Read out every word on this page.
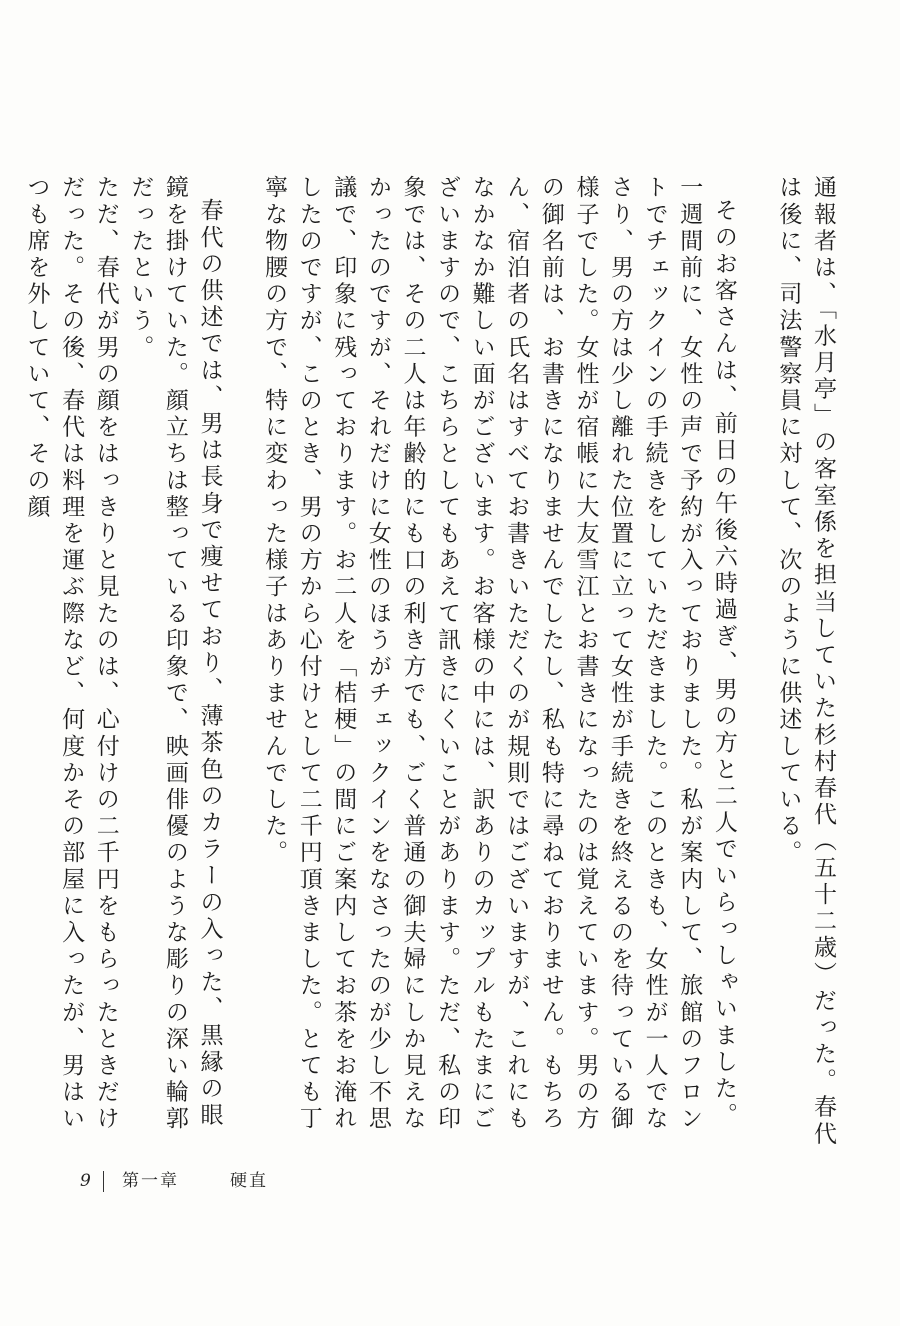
通報者は、「水月亭」の客室係を担当していた杉村春代（五十二歳）だった。春代は後に、司法警察員に対して、次のように供述している。

そのお客さんは、前日の午後六時過ぎ、男の方と二人でいらっしゃいました。一週間前に、女性の声で予約が入っておりました。私が案内して、旅館のフロントでチェックインの手続きをしていただきました。このときも、女性が一人でなさり、男の方は少し離れた位置に立って女性が手続きを終えるのを待っている御様子でした。女性が宿帳に大友雪江とお書きになったのは覚えています。男の方の御名前は、お書きになりませんでしたし、私も特に尋ねておりません。もちろん、宿泊者の氏名はすべてお書きいただくのが規則ではございますが、これにもなかなか難しい面がございます。お客様の中には、訳ありのカップルもたまにございますので、こちらとしてもあえて訊きにくいことがあります。ただ、私の印象では、その二人は年齢的にも口の利き方でも、ごく普通の御夫婦にしか見えなかったのですが、それだけに女性のほうがチェックインをなさったのが少し不思議で、印象に残っております。お二人を「桔梗」の間にご案内してお茶をお淹れしたのですが、このとき、男の方から心付けとして二千円頂きました。とても丁寧な物腰の方で、特に変わった様子はありませんでした。

春代の供述では、男は長身で痩せており、薄茶色のカラーの入った、黒縁の眼鏡を掛けていた。顔立ちは整っている印象で、映画俳優のような彫りの深い輪郭だったという。

ただ、春代が男の顔をはっきりと見たのは、心付けの二千円をもらったときだけだった。その後、春代は料理を運ぶ際など、何度かその部屋に入ったが、男はいつも席を外していて、その顔

9 第一章	硬直
